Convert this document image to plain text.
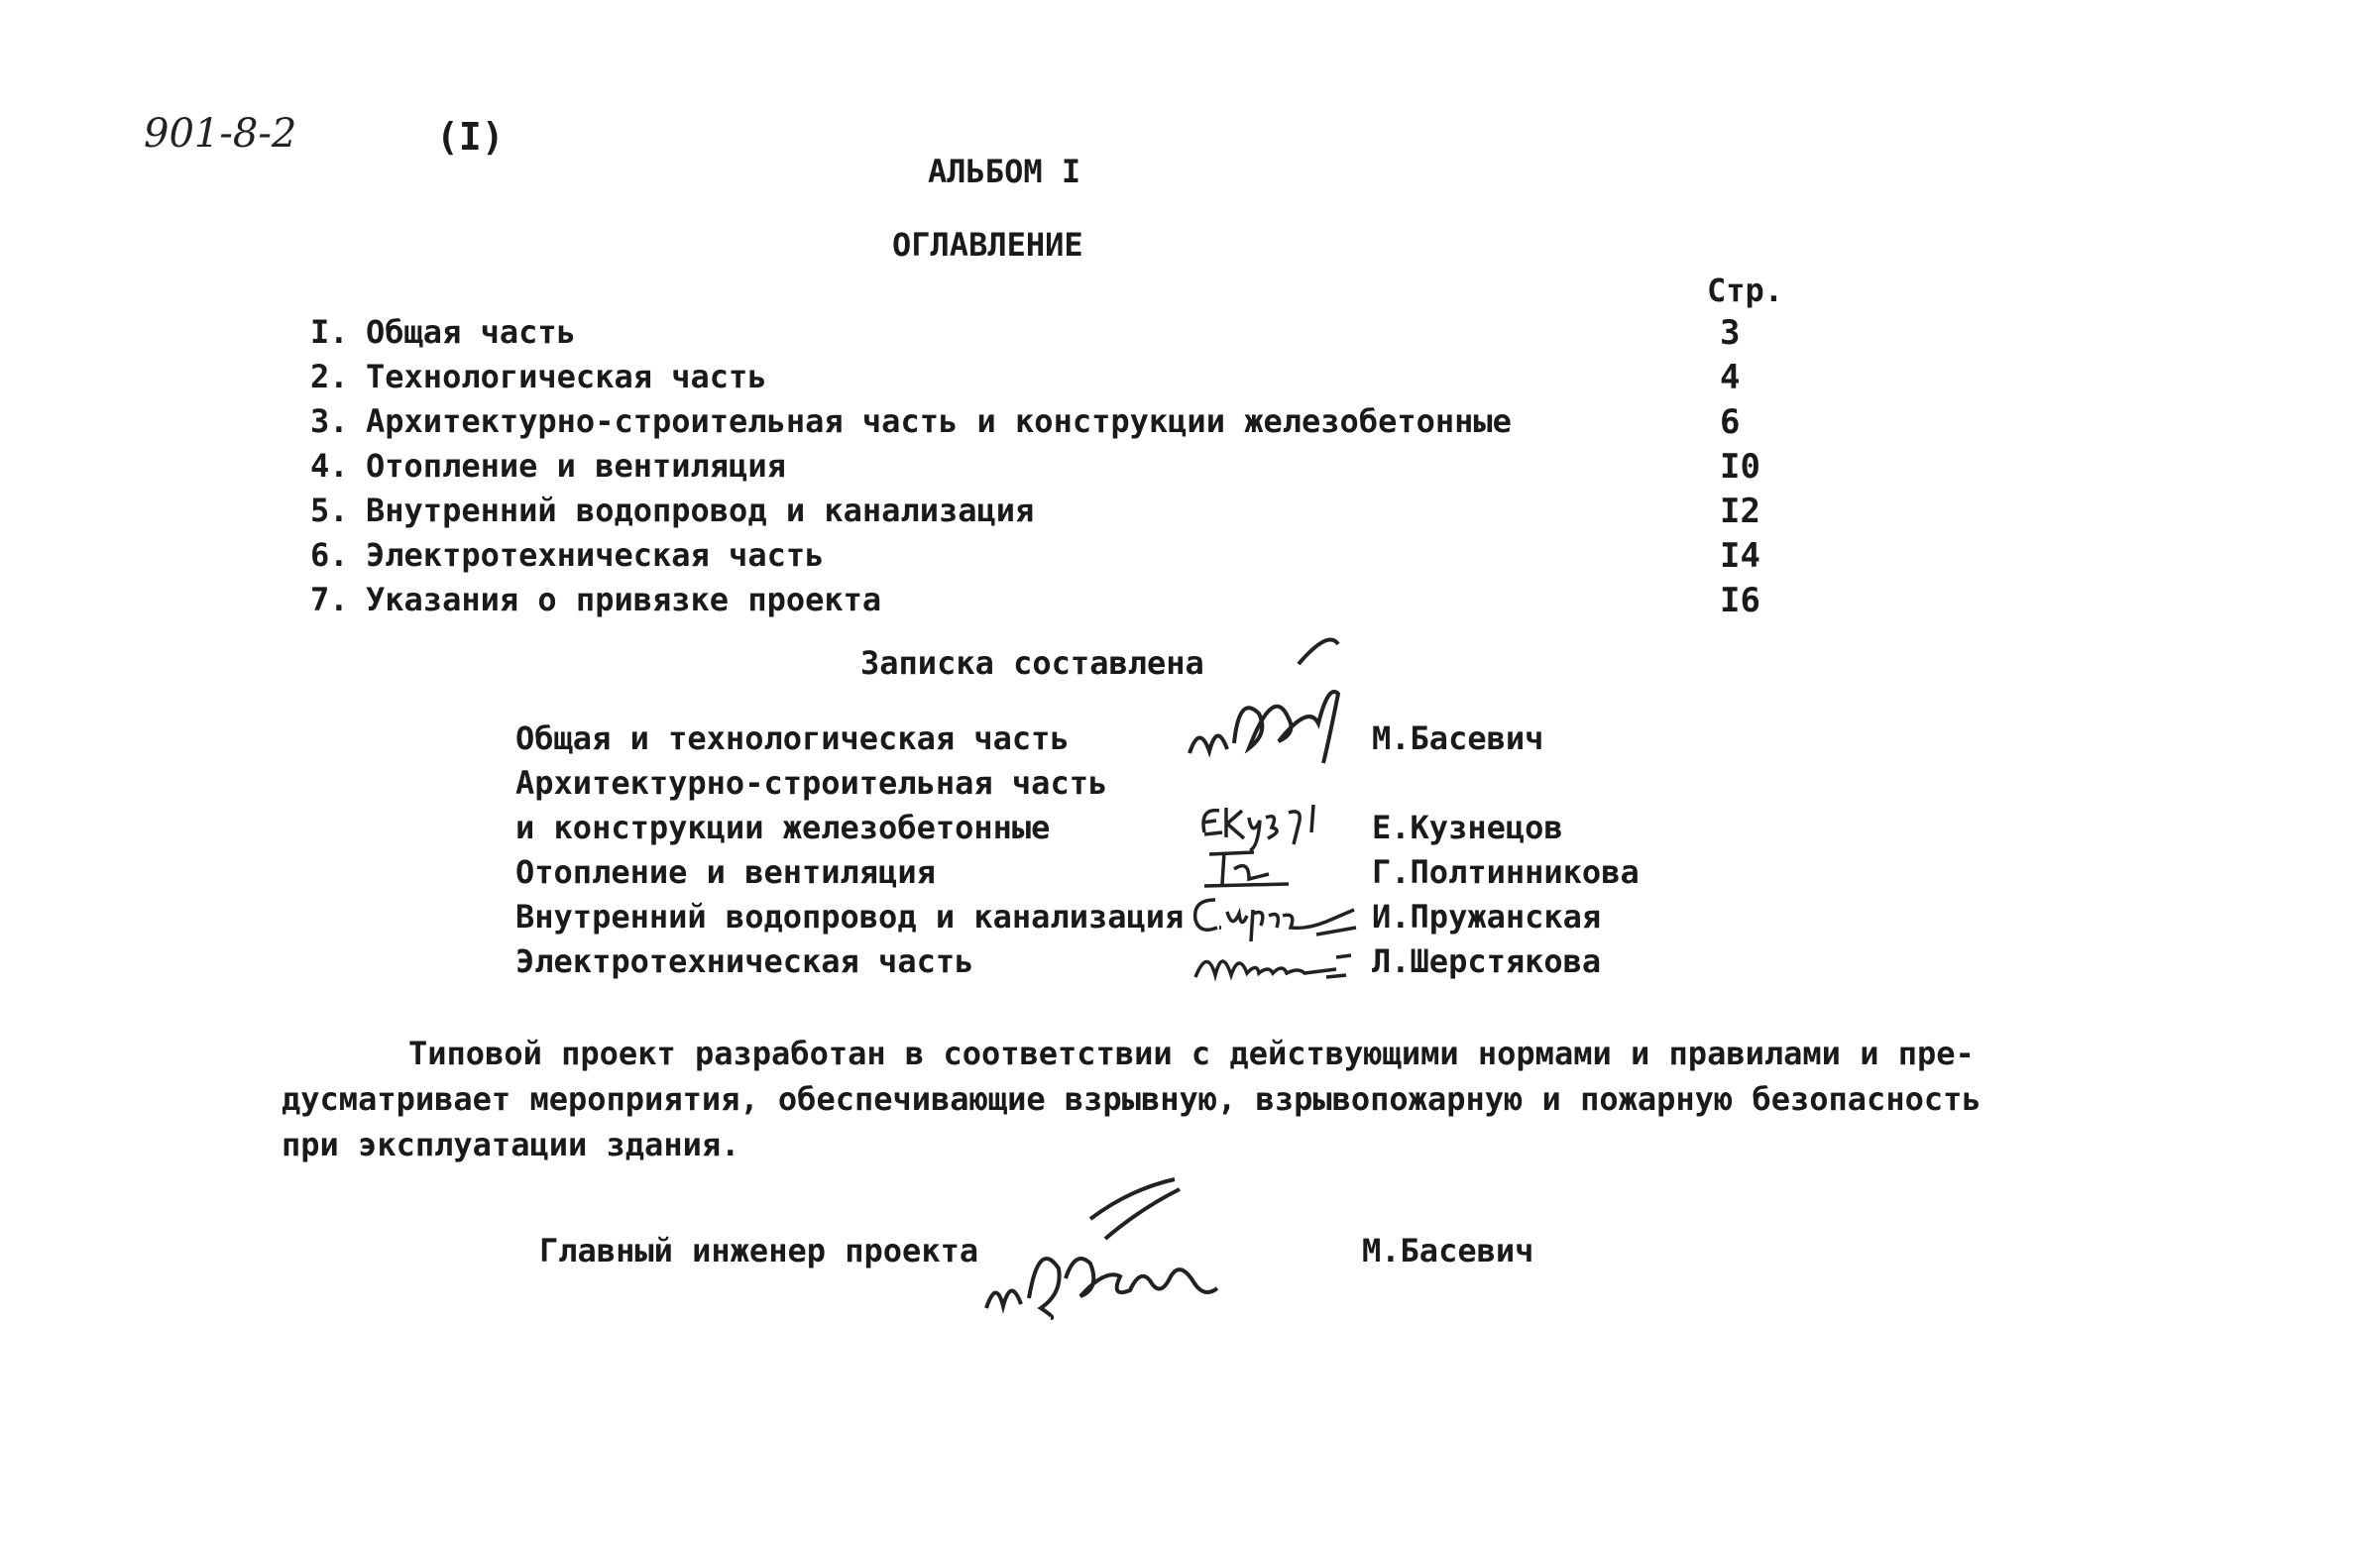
901-8-2	(I)
АЛЬБОМ I
ОГЛАВЛЕНИЕ
Стр.
I. Общая часть	3
2. Технологическая часть	4
3. Архитектурно-строительная часть и конструкции железобетонные	6
4. Отопление и вентиляция	I0
5. Внутренний водопровод и канализация	I2
6. Электротехническая часть	I4
7. Указания о привязке проекта	I6
Записка составлена
Общая и технологическая часть	М.Басевич
Архитектурно-строительная часть
и конструкции железобетонные	Е.Кузнецов
Отопление и вентиляция	Г.Полтинникова
Внутренний водопровод и канализация	И.Пружанская
Электротехническая часть	Л.Шерстякова
Типовой проект разработан в соответствии с действующими нормами и правилами и пре-
дусматривает мероприятия, обеспечивающие взрывную, взрывопожарную и пожарную безопасность
при эксплуатации здания.
Главный инженер проекта	М.Басевич
